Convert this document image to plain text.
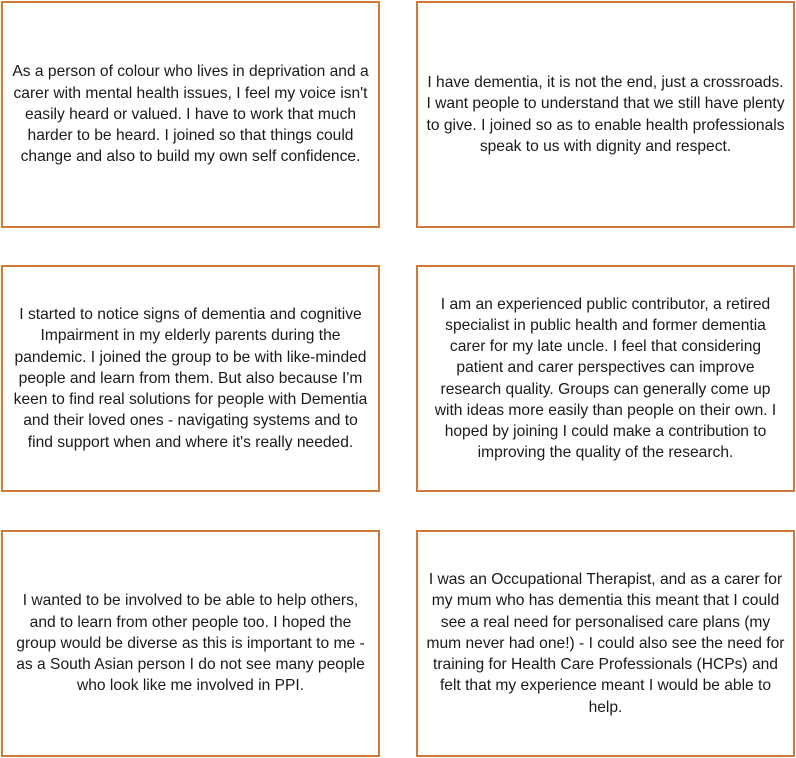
As a person of colour who lives in deprivation and a carer with mental health issues, I feel my voice isn't easily heard or valued. I have to work that much harder to be heard. I joined so that things could change and also to build my own self confidence.

I have dementia, it is not the end, just a crossroads. I want people to understand that we still have plenty to give. I joined so as to enable health professionals speak to us with dignity and respect.

I started to notice signs of dementia and cognitive Impairment in my elderly parents during the pandemic. I joined the group to be with like-minded people and learn from them. But also because I'm keen to find real solutions for people with Dementia and their loved ones - navigating systems and to find support when and where it's really needed.

I am an experienced public contributor, a retired specialist in public health and former dementia carer for my late uncle. I feel that considering patient and carer perspectives can improve research quality. Groups can generally come up with ideas more easily than people on their own. I hoped by joining I could make a contribution to improving the quality of the research.

I wanted to be involved to be able to help others, and to learn from other people too. I hoped the group would be diverse as this is important to me - as a South Asian person I do not see many people who look like me involved in PPI.

I was an Occupational Therapist, and as a carer for my mum who has dementia this meant that I could see a real need for personalised care plans (my mum never had one!) - I could also see the need for training for Health Care Professionals (HCPs) and felt that my experience meant I would be able to help.
